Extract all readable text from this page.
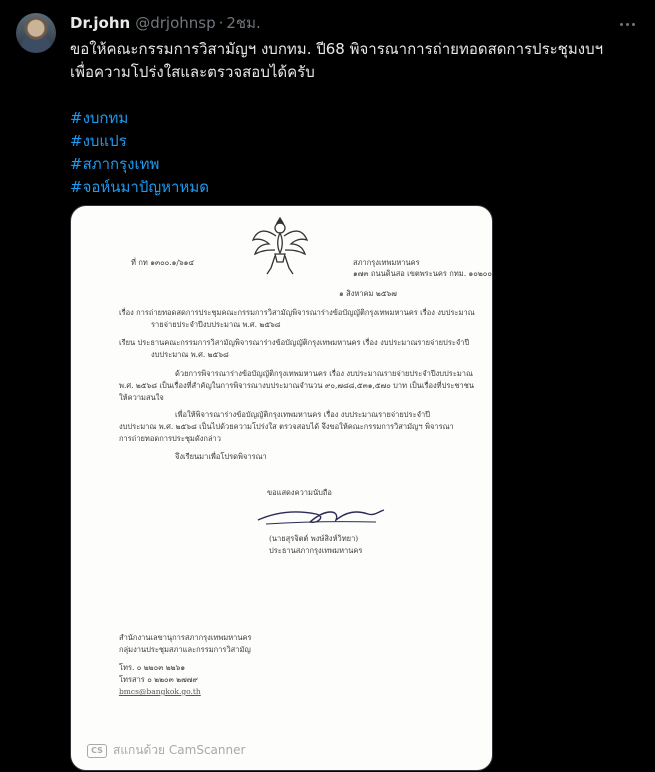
Dr.john @drjohnsp · 2ชม.

ขอให้คณะกรรมการวิสามัญฯ งบกทม. ปี68 พิจารณาการถ่ายทอดสดการประชุมงบฯ

เพื่อความโปร่งใสและตรวจสอบได้ครับ

#งบกทม
#งบแปร
#สภากรุงเทพ
#จอห์นมาปัญหาหมด
ที่ กท ๑๓๐๐.๑/๖๑๔	สภากรุงเทพมหานคร
๑๗๓ ถนนดินสอ เขตพระนคร กทม. ๑๐๒๐๐
๑ สิงหาคม ๒๕๖๗
เรื่อง การถ่ายทอดสดการประชุมคณะกรรมการวิสามัญพิจารณาร่างข้อบัญญัติกรุงเทพมหานคร เรื่อง งบประมาณ
รายจ่ายประจำปีงบประมาณ พ.ศ. ๒๕๖๘
เรียน ประธานคณะกรรมการวิสามัญพิจารณาร่างข้อบัญญัติกรุงเทพมหานคร เรื่อง งบประมาณรายจ่ายประจำปี
งบประมาณ พ.ศ. ๒๕๖๘
ด้วยการพิจารณาร่างข้อบัญญัติกรุงเทพมหานคร เรื่อง งบประมาณรายจ่ายประจำปีงบประมาณ
พ.ศ. ๒๕๖๘ เป็นเรื่องที่สำคัญในการพิจารณางบประมาณจำนวน ๙๐,๗๘๘,๕๓๑,๕๗๐ บาท เป็นเรื่องที่ประชาชน
ให้ความสนใจ
เพื่อให้พิจารณาร่างข้อบัญญัติกรุงเทพมหานคร เรื่อง งบประมาณรายจ่ายประจำปี
งบประมาณ พ.ศ. ๒๕๖๘ เป็นไปด้วยความโปร่งใส ตรวจสอบได้ จึงขอให้คณะกรรมการวิสามัญฯ พิจารณา
การถ่ายทอดการประชุมดังกล่าว
จึงเรียนมาเพื่อโปรดพิจารณา
ขอแสดงความนับถือ
(นายสุรจิตต์ พงษ์สิงห์วิทยา)
ประธานสภากรุงเทพมหานคร
สำนักงานเลขานุการสภากรุงเทพมหานคร
กลุ่มงานประชุมสภาและกรรมการวิสามัญ
โทร. ๐ ๒๒๐๓ ๒๒๖๑
โทรสาร ๐ ๒๒๐๓ ๒๗๗๙
bmcs@bangkok.go.th
CS สแกนด้วย CamScanner
